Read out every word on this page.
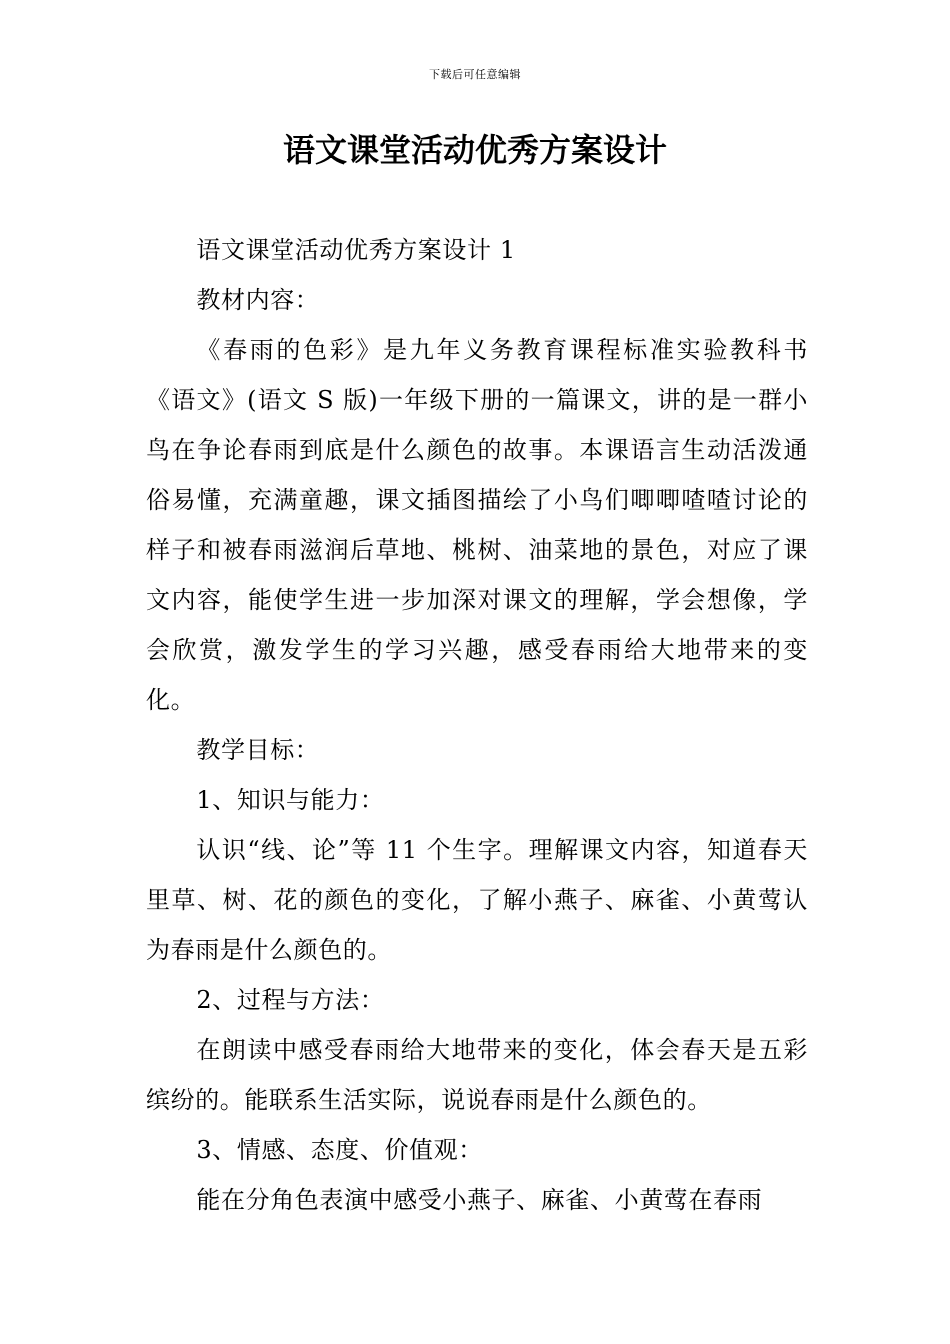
下载后可任意编辑
语文课堂活动优秀方案设计

语文课堂活动优秀方案设计 1

教材内容：

《春雨的色彩》是九年义务教育课程标准实验教科书《语文》(语文 S 版)一年级下册的一篇课文，讲的是一群小鸟在争论春雨到底是什么颜色的故事。本课语言生动活泼通俗易懂，充满童趣，课文插图描绘了小鸟们唧唧喳喳讨论的样子和被春雨滋润后草地、桃树、油菜地的景色，对应了课文内容，能使学生进一步加深对课文的理解，学会想像，学会欣赏，激发学生的学习兴趣，感受春雨给大地带来的变化。

教学目标：

1、知识与能力：

认识“线、论”等 11 个生字。理解课文内容，知道春天里草、树、花的颜色的变化，了解小燕子、麻雀、小黄莺认为春雨是什么颜色的。

2、过程与方法：

在朗读中感受春雨给大地带来的变化，体会春天是五彩缤纷的。能联系生活实际，说说春雨是什么颜色的。

3、情感、态度、价值观：

能在分角色表演中感受小燕子、麻雀、小黄莺在春雨
